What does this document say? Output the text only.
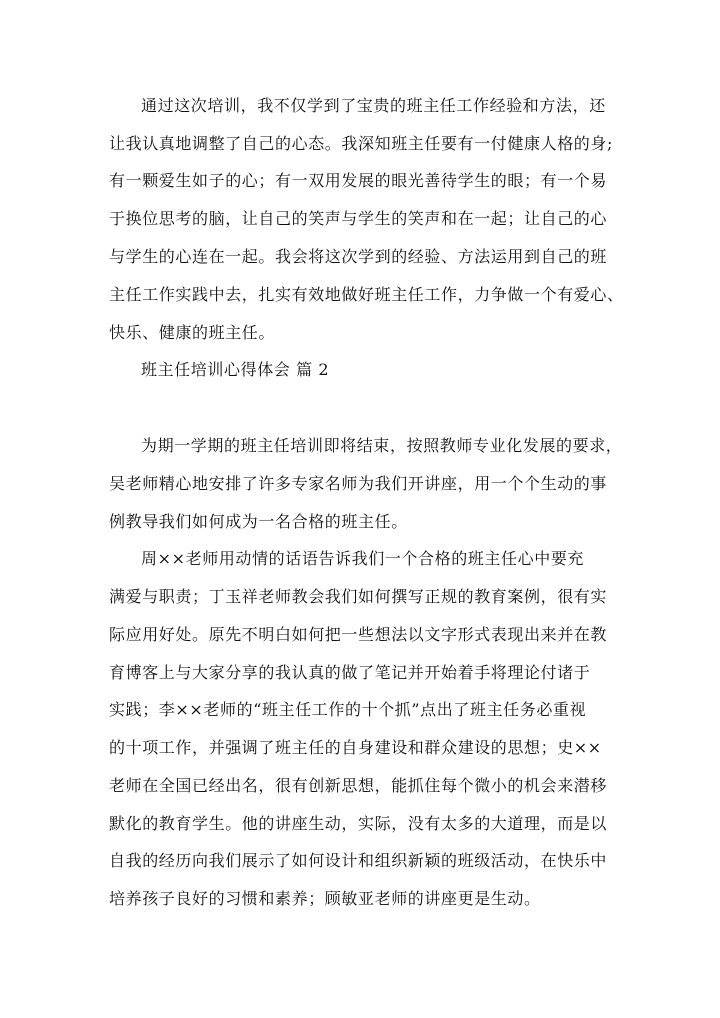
通过这次培训，我不仅学到了宝贵的班主任工作经验和方法，还

让我认真地调整了自己的心态。我深知班主任要有一付健康人格的身;

有一颗爱生如子的心；有一双用发展的眼光善待学生的眼；有一个易

于换位思考的脑，让自己的笑声与学生的笑声和在一起；让自己的心

与学生的心连在一起。我会将这次学到的经验、方法运用到自己的班

主任工作实践中去，扎实有效地做好班主任工作，力争做一个有爱心、

快乐、健康的班主任。

班主任培训心得体会 篇 2

为期一学期的班主任培训即将结束，按照教师专业化发展的要求，

吴老师精心地安排了许多专家名师为我们开讲座，用一个个生动的事

例教导我们如何成为一名合格的班主任。

周××老师用动情的话语告诉我们一个合格的班主任心中要充

满爱与职责；丁玉祥老师教会我们如何撰写正规的教育案例，很有实

际应用好处。原先不明白如何把一些想法以文字形式表现出来并在教

育博客上与大家分享的我认真的做了笔记并开始着手将理论付诸于

实践；李××老师的“班主任工作的十个抓”点出了班主任务必重视

的十项工作，并强调了班主任的自身建设和群众建设的思想；史××

老师在全国已经出名，很有创新思想，能抓住每个微小的机会来潜移

默化的教育学生。他的讲座生动，实际，没有太多的大道理，而是以

自我的经历向我们展示了如何设计和组织新颖的班级活动，在快乐中

培养孩子良好的习惯和素养；顾敏亚老师的讲座更是生动。
